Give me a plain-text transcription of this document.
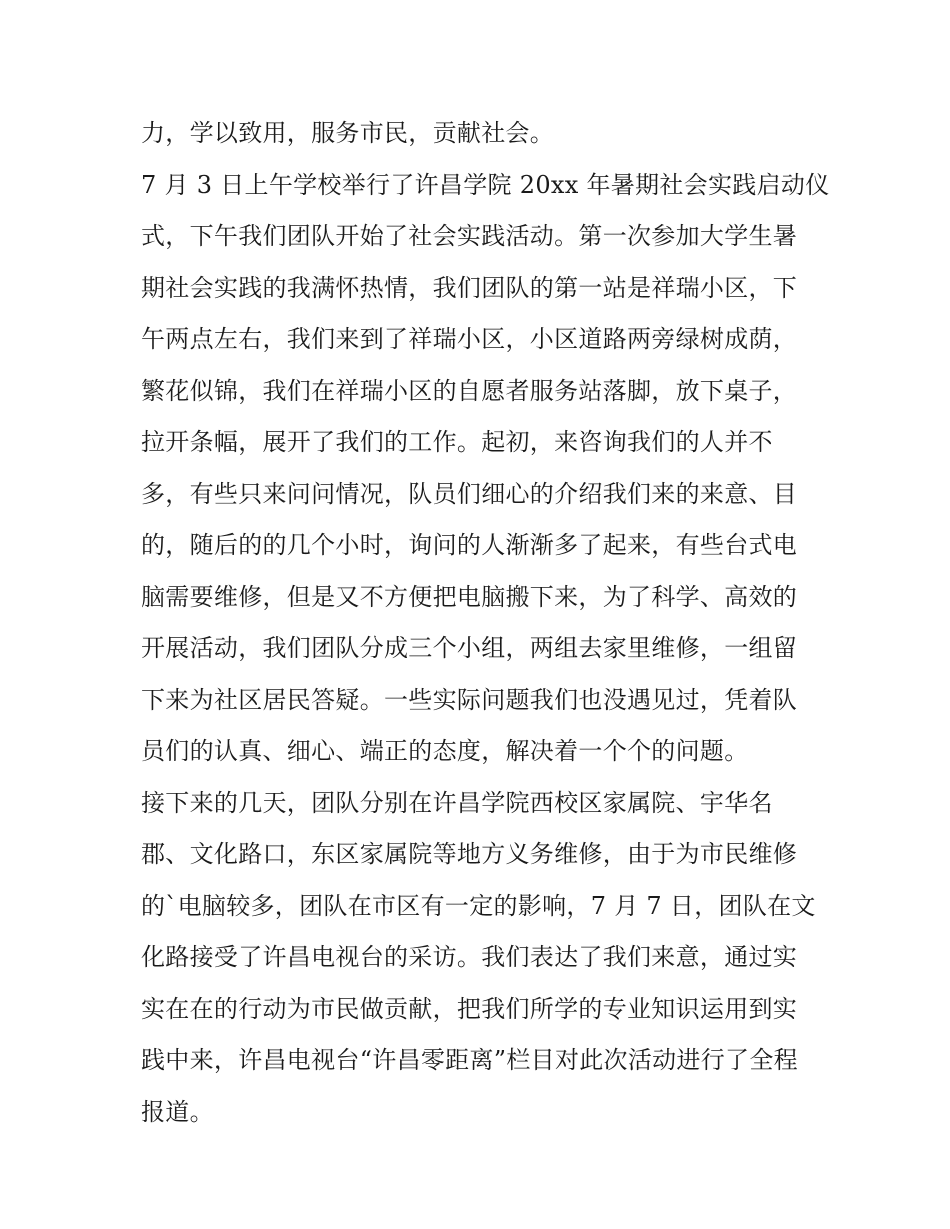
力，学以致用，服务市民，贡献社会。
7 月 3 日上午学校举行了许昌学院 20xx 年暑期社会实践启动仪
式，下午我们团队开始了社会实践活动。第一次参加大学生暑
期社会实践的我满怀热情，我们团队的第一站是祥瑞小区，下
午两点左右，我们来到了祥瑞小区，小区道路两旁绿树成荫，
繁花似锦，我们在祥瑞小区的自愿者服务站落脚，放下桌子，
拉开条幅，展开了我们的工作。起初，来咨询我们的人并不
多，有些只来问问情况，队员们细心的介绍我们来的来意、目
的，随后的的几个小时，询问的人渐渐多了起来，有些台式电
脑需要维修，但是又不方便把电脑搬下来，为了科学、高效的
开展活动，我们团队分成三个小组，两组去家里维修，一组留
下来为社区居民答疑。一些实际问题我们也没遇见过，凭着队
员们的认真、细心、端正的态度，解决着一个个的问题。
接下来的几天，团队分别在许昌学院西校区家属院、宇华名
郡、文化路口，东区家属院等地方义务维修，由于为市民维修
的`电脑较多，团队在市区有一定的影响，7 月 7 日，团队在文
化路接受了许昌电视台的采访。我们表达了我们来意，通过实
实在在的行动为市民做贡献，把我们所学的专业知识运用到实
践中来，许昌电视台“许昌零距离”栏目对此次活动进行了全程
报道。
